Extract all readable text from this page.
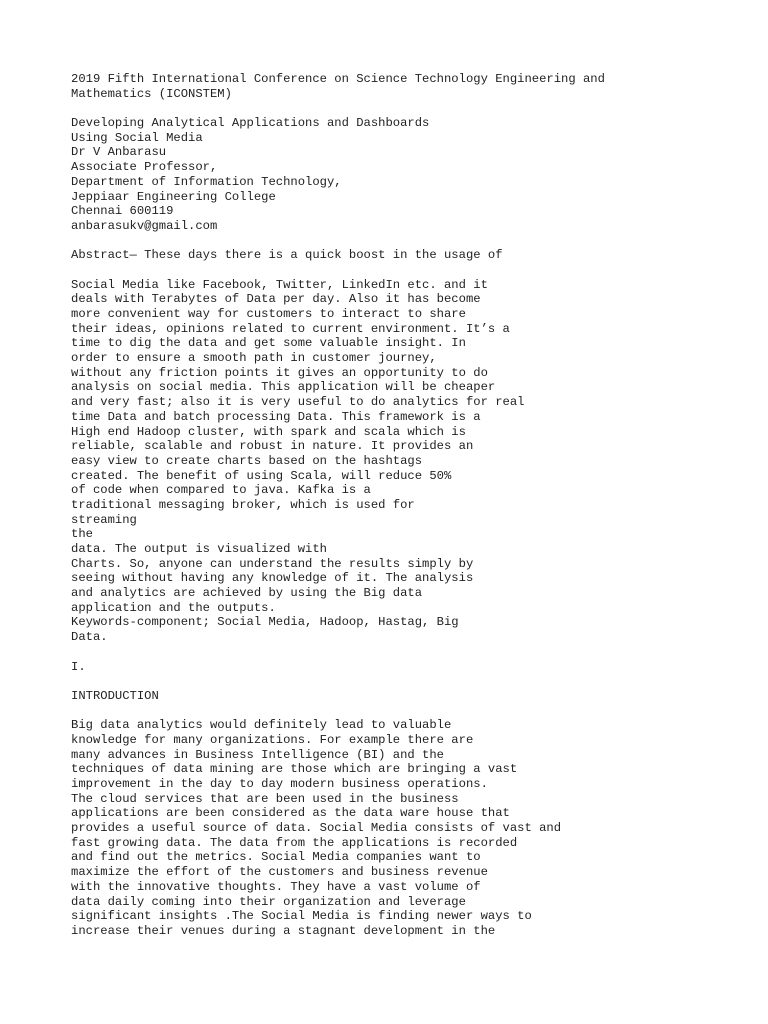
2019 Fifth International Conference on Science Technology Engineering and
Mathematics (ICONSTEM)
Developing Analytical Applications and Dashboards
Using Social Media
Dr V Anbarasu
Associate Professor,
Department of Information Technology,
Jeppiaar Engineering College
Chennai 600119
anbarasukv@gmail.com
Abstract— These days there is a quick boost in the usage of
Social Media like Facebook, Twitter, LinkedIn etc. and it
deals with Terabytes of Data per day. Also it has become
more convenient way for customers to interact to share
their ideas, opinions related to current environment. It’s a
time to dig the data and get some valuable insight. In
order to ensure a smooth path in customer journey,
without any friction points it gives an opportunity to do
analysis on social media. This application will be cheaper
and very fast; also it is very useful to do analytics for real
time Data and batch processing Data. This framework is a
High end Hadoop cluster, with spark and scala which is
reliable, scalable and robust in nature. It provides an
easy view to create charts based on the hashtags
created. The benefit of using Scala, will reduce 50%
of code when compared to java. Kafka is a
traditional messaging broker, which is used for
streaming
the
data. The output is visualized with
Charts. So, anyone can understand the results simply by
seeing without having any knowledge of it. The analysis
and analytics are achieved by using the Big data
application and the outputs.
Keywords-component; Social Media, Hadoop, Hastag, Big
Data.
I.
INTRODUCTION
Big data analytics would definitely lead to valuable
knowledge for many organizations. For example there are
many advances in Business Intelligence (BI) and the
techniques of data mining are those which are bringing a vast
improvement in the day to day modern business operations.
The cloud services that are been used in the business
applications are been considered as the data ware house that
provides a useful source of data. Social Media consists of vast and
fast growing data. The data from the applications is recorded
and find out the metrics. Social Media companies want to
maximize the effort of the customers and business revenue
with the innovative thoughts. They have a vast volume of
data daily coming into their organization and leverage
significant insights .The Social Media is finding newer ways to
increase their venues during a stagnant development in the
